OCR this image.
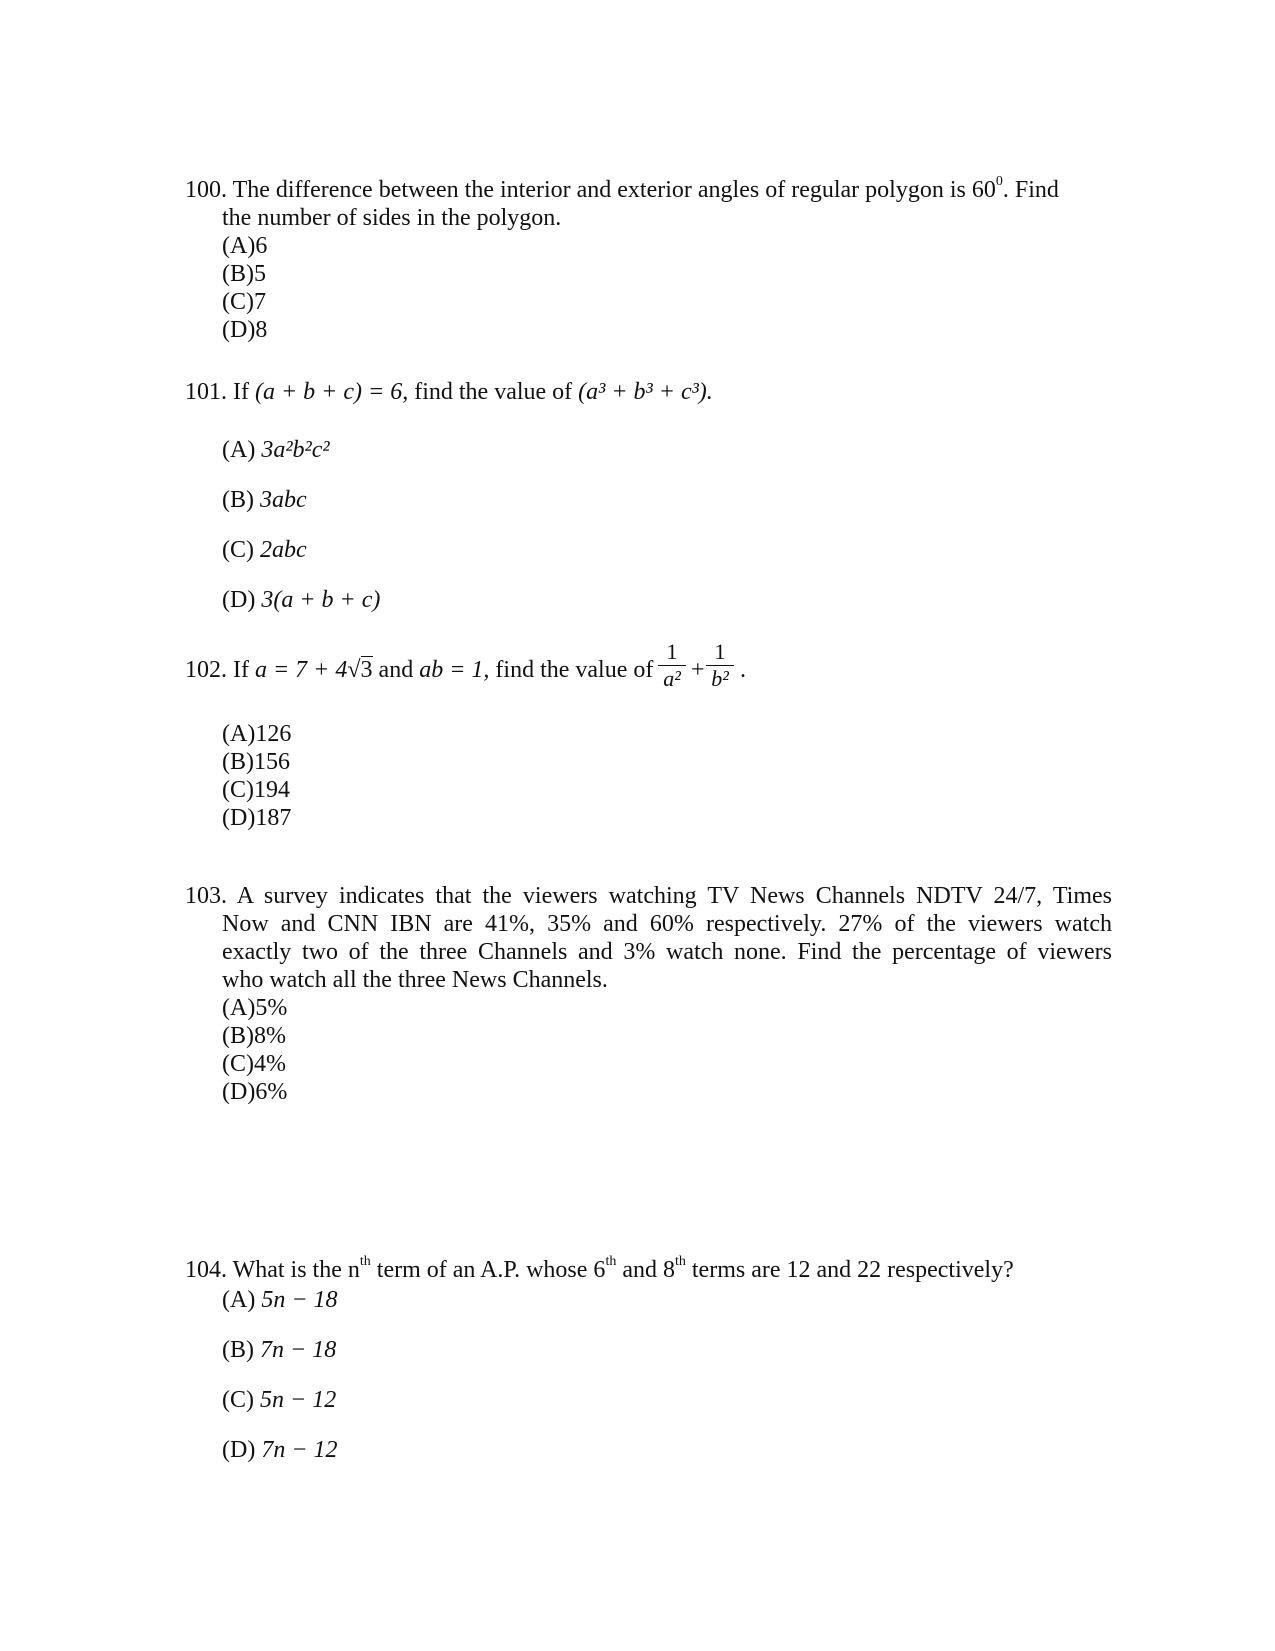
100. The difference between the interior and exterior angles of regular polygon is $60^0$. Find
the number of sides in the polygon.
(A)6
(B)5
(C)7
(D)8
101. If (a + b + c) = 6, find the value of (a³ + b³ + c³).
(A) 3a²b²c²
(B) 3abc
(C) 2abc
(D) 3(a + b + c)
102. If a = 7 + 4√3 and ab = 1, find the value of
1
a² +
1
b² .
(A)126
(B)156
(C)194
(D)187
103. A survey indicates that the viewers watching TV News Channels NDTV 24/7, Times
Now and CNN IBN are 41%, 35% and 60% respectively. 27% of the viewers watch
exactly two of the three Channels and 3% watch none. Find the percentage of viewers
who watch all the three News Channels.
(A)5%
(B)8%
(C)4%
(D)6%
104. What is the $n^{th}$ term of an A.P. whose 6th and 8th terms are 12 and 22 respectively?
(A) 5n − 18
(B) 7n − 18
(C) 5n − 12
(D) 7n − 12
